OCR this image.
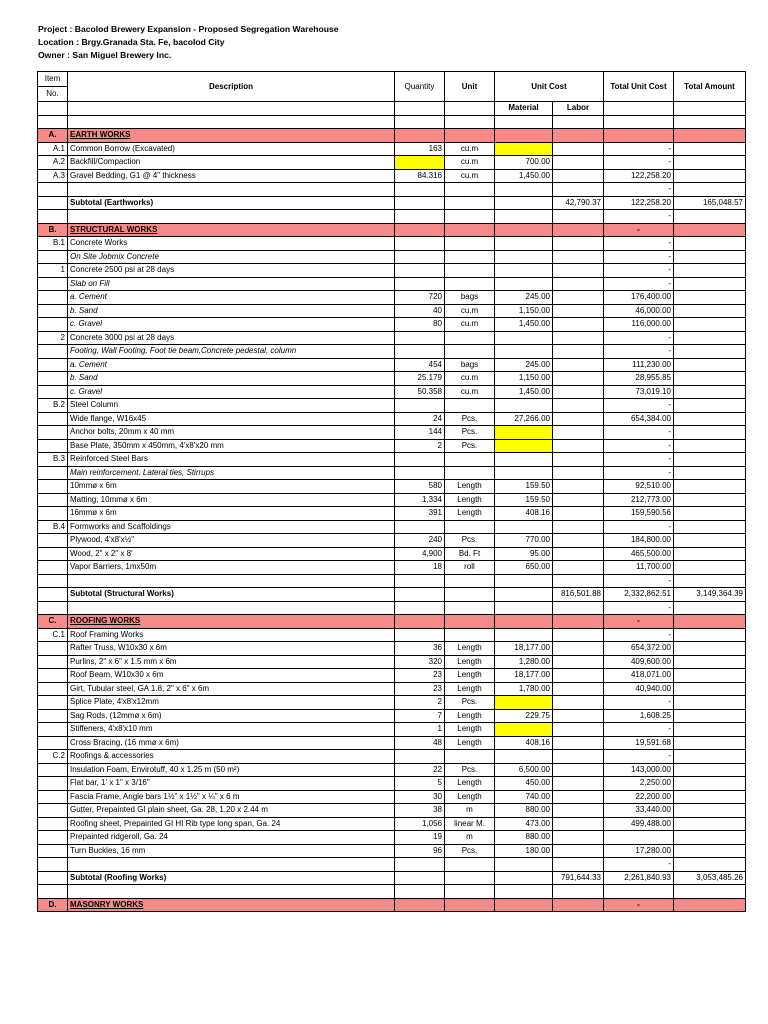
Project : Bacolod Brewery Expansion - Proposed Segregation Warehouse
Location : Brgy.Granada Sta. Fe, bacolod City
Owner : San Miguel Brewery Inc.
Item	Description	Quantity	Unit	Unit Cost		Total Unit Cost	Total Amount
No.							
				Material	Labor		

A.	EARTH WORKS						
A.1	Common Borrow (Excavated)	163	cu.m			-	
A.2	Backfill/Compaction		cu.m	700.00		-	
A.3	Gravel Bedding, G1 @ 4" thickness	84.316	cu.m	1,450.00		122,258.20	
						-	
	Subtotal (Earthworks)				42,790.37	122,258.20	165,048.57
						-	
B.	STRUCTURAL WORKS					-	
B.1	Concrete Works					-	
	On Site Jobmix Concrete					-	
1	Concrete 2500 psi at 28 days					-	
	Slab on Fill					-	
	a. Cement	720	bags	245.00		176,400.00	
	b. Sand	40	cu.m	1,150.00		46,000.00	
	c. Gravel	80	cu.m	1,450.00		116,000.00	
2	Concrete 3000 psi at 28 days					-	
	Footing, Wall Footing, Foot tie beam,Concrete pedestal, column					-	
	a. Cement	454	bags	245.00		111,230.00	
	b. Sand	25.179	cu.m	1,150.00		28,955.85	
	c. Gravel	50.358	cu.m	1,450.00		73,019.10	
B.2	Steel Column					-	
	Wide flange, W16x45	24	Pcs.	27,266.00		654,384.00	
	Anchor bolts, 20mm x 40 mm	144	Pcs.			-	
	Base Plate, 350mm x 450mm, 4'x8'x20 mm	2	Pcs.			-	
B.3	Reinforced Steel Bars					-	
	Main reinforcement, Lateral ties, Stirrups					-	
	10mmø x 6m	580	Length	159.50		92,510.00	
	Matting, 10mmø x 6m	1,334	Length	159.50		212,773.00	
	16mmø x 6m	391	Length	408.16		159,590.56	
B.4	Formworks and Scaffoldings					-	
	Plywood, 4'x8'x½"	240	Pcs.	770.00		184,800.00	
	Wood, 2" x 2" x 8'	4,900	Bd. Ft	95.00		465,500.00	
	Vapor Barriers, 1mx50m	18	roll	650.00		11,700.00	
						-	
	Subtotal (Structural Works)				816,501.88	2,332,862.51	3,149,364.39
						-	
C.	ROOFING WORKS					-	
C.1	Roof Framing Works					-	
	Rafter Truss, W10x30 x 6m	36	Length	18,177.00		654,372.00	
	Purlins, 2" x 6" x 1.5 mm x 6m	320	Length	1,280.00		409,600.00	
	Roof Beam, W10x30 x 6m	23	Length	18,177.00		418,071.00	
	Girt, Tubular steel, GA 1.8, 2" x 6" x 6m	23	Length	1,780.00		40,940.00	
	Splice Plate, 4'x8'x12mm	2	Pcs.			-	
	Sag Rods, (12mmø x 6m)	7	Length	229.75		1,608.25	
	Stiffeners, 4'x8'x10 mm	1	Length			-	
	Cross Bracing, (16 mmø x 6m)	48	Length	408.16		19,591.68	
C.2	Roofings & accessories					-	
	Insulation Foam, Envirotuff, 40 x 1.25 m (50 m²)	22	Pcs.	6,500.00		143,000.00	
	Flat bar, 1' x 1" x 3/16"	5	Length	450.00		2,250.00	
	Fascia Frame, Angle bars 1½" x 1½" x ¼" x 6 m	30	Length	740.00		22,200.00	
	Gutter, Prepainted GI plain sheet, Ga. 28, 1.20 x 2.44 m	38	m	880.00		33,440.00	
	Roofing sheet, Prepainted GI HI Rib type long span, Ga. 24	1,056	linear M.	473.00		499,488.00	
	Prepainted ridgeroll, Ga. 24	19	m	880.00			
	Turn Buckles, 16 mm	96	Pcs.	180.00		17,280.00	
						-	
	Subtotal (Roofing Works)				791,644.33	2,261,840.93	3,053,485.26

D.	MASONRY WORKS					-	
